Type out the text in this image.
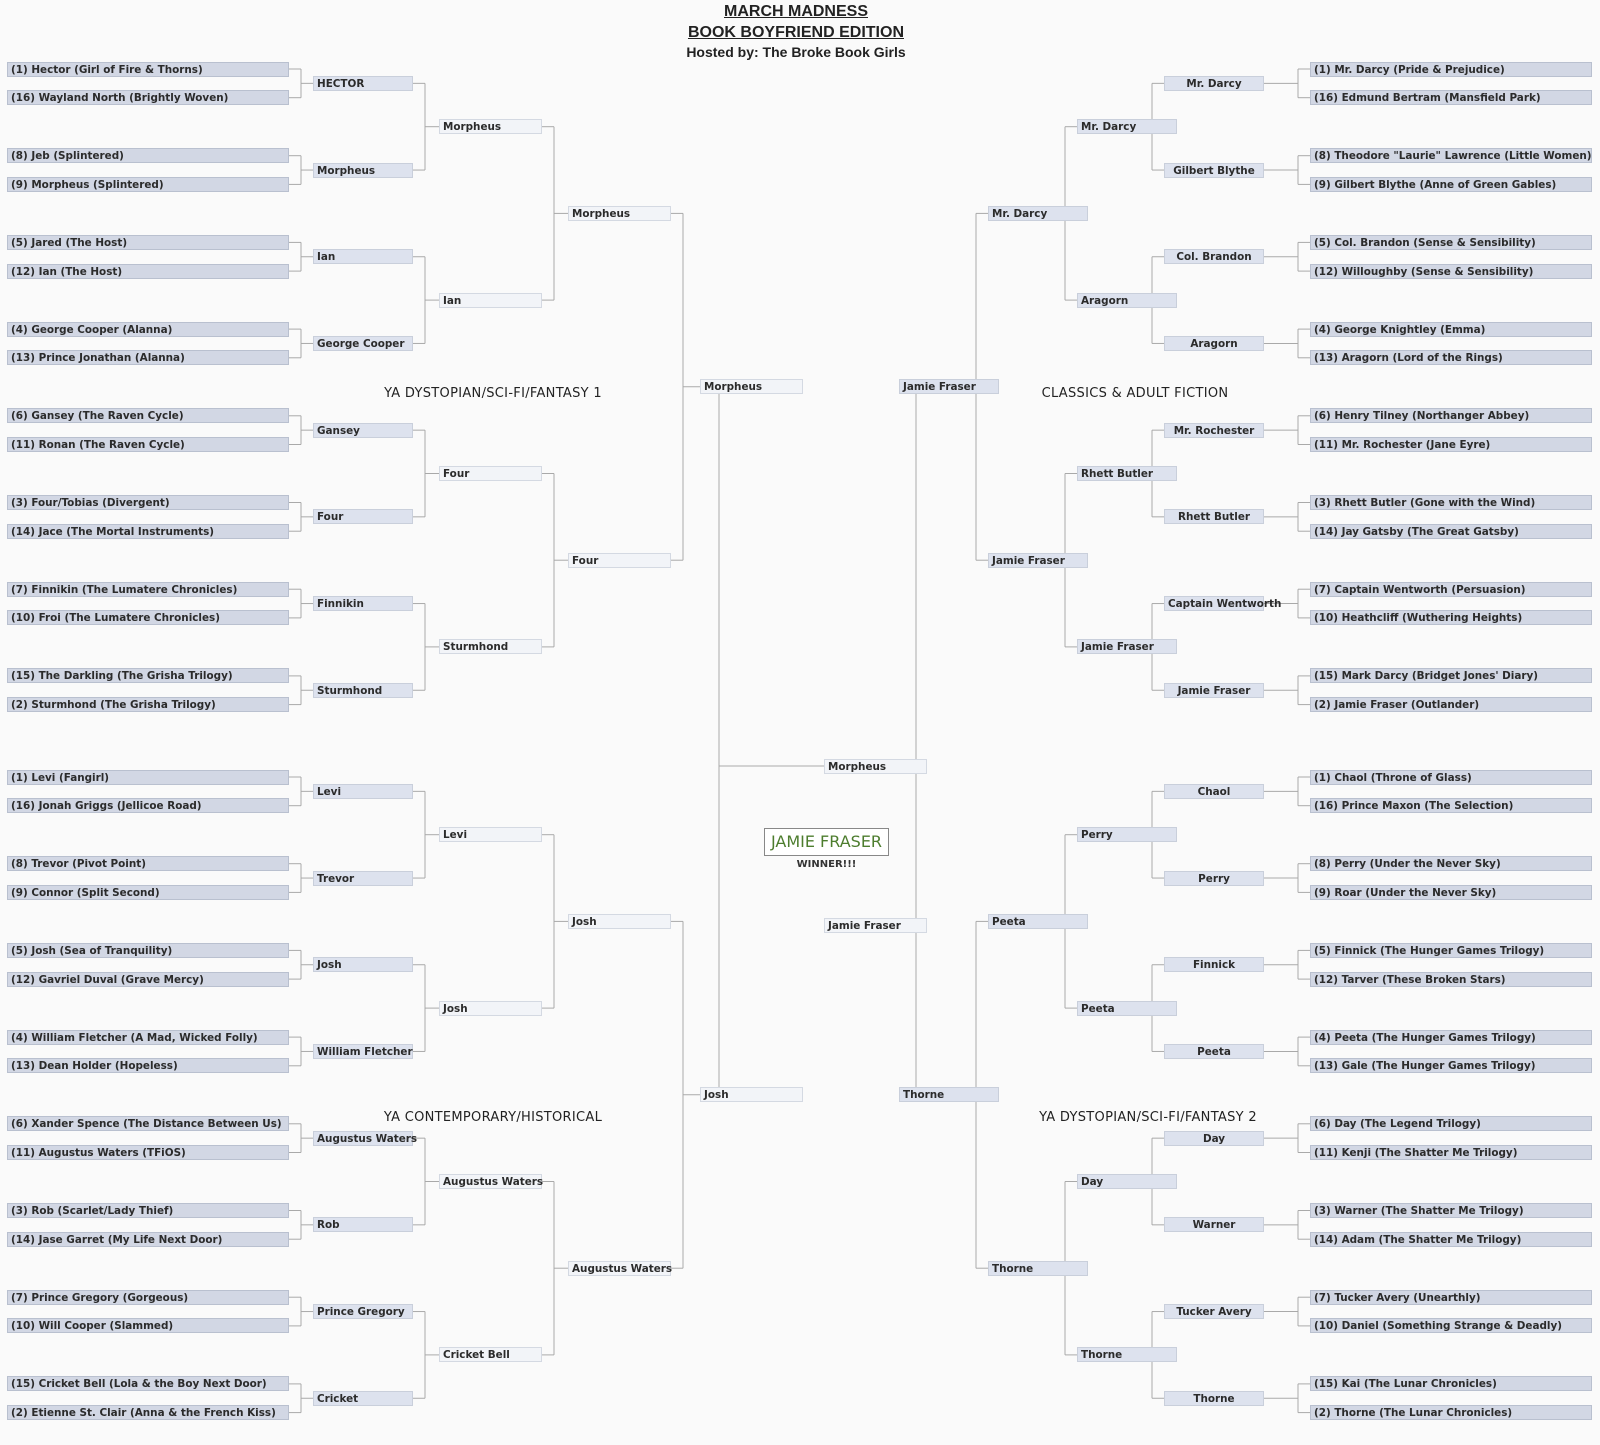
MARCH MADNESS
BOOK BOYFRIEND EDITION
Hosted by: The Broke Book Girls
YA DYSTOPIAN/SCI-FI/FANTASY 1	CLASSICS & ADULT FICTION
YA CONTEMPORARY/HISTORICAL	YA DYSTOPIAN/SCI-FI/FANTASY 2
(1) Hector (Girl of Fire & Thorns)
(16) Wayland North (Brightly Woven)
(8) Jeb (Splintered)
(9) Morpheus (Splintered)
(5) Jared (The Host)
(12) Ian (The Host)
(4) George Cooper (Alanna)
(13) Prince Jonathan (Alanna)
(6) Gansey (The Raven Cycle)
(11) Ronan (The Raven Cycle)
(3) Four/Tobias (Divergent)
(14) Jace (The Mortal Instruments)
(7) Finnikin (The Lumatere Chronicles)
(10) Froi (The Lumatere Chronicles)
(15) The Darkling (The Grisha Trilogy)
(2) Sturmhond (The Grisha Trilogy)
(1) Levi (Fangirl)
(16) Jonah Griggs (Jellicoe Road)
(8) Trevor (Pivot Point)
(9) Connor (Split Second)
(5) Josh (Sea of Tranquility)
(12) Gavriel Duval (Grave Mercy)
(4) William Fletcher (A Mad, Wicked Folly)
(13) Dean Holder (Hopeless)
(6) Xander Spence (The Distance Between Us)
(11) Augustus Waters (TFiOS)
(3) Rob (Scarlet/Lady Thief)
(14) Jase Garret (My Life Next Door)
(7) Prince Gregory (Gorgeous)
(10) Will Cooper (Slammed)
(15) Cricket Bell (Lola & the Boy Next Door)
(2) Etienne St. Clair (Anna & the French Kiss)
HECTOR
Morpheus
Ian
George Cooper
Gansey
Four
Finnikin
Sturmhond
Levi
Trevor
Josh
William Fletcher
Augustus Waters
Rob
Prince Gregory
Cricket
Morpheus
Ian
Four
Sturmhond
Levi
Josh
Augustus Waters
Cricket Bell
Morpheus
Four
Josh
Augustus Waters
Morpheus
Josh
Morpheus
(1) Mr. Darcy (Pride & Prejudice)
(16) Edmund Bertram (Mansfield Park)
(8) Theodore "Laurie" Lawrence (Little Women)
(9) Gilbert Blythe (Anne of Green Gables)
(5) Col. Brandon (Sense & Sensibility)
(12) Willoughby (Sense & Sensibility)
(4) George Knightley (Emma)
(13) Aragorn (Lord of the Rings)
(6) Henry Tilney (Northanger Abbey)
(11) Mr. Rochester (Jane Eyre)
(3) Rhett Butler (Gone with the Wind)
(14) Jay Gatsby (The Great Gatsby)
(7) Captain Wentworth (Persuasion)
(10) Heathcliff (Wuthering Heights)
(15) Mark Darcy (Bridget Jones' Diary)
(2) Jamie Fraser (Outlander)
(1) Chaol (Throne of Glass)
(16) Prince Maxon (The Selection)
(8) Perry (Under the Never Sky)
(9) Roar (Under the Never Sky)
(5) Finnick (The Hunger Games Trilogy)
(12) Tarver (These Broken Stars)
(4) Peeta (The Hunger Games Trilogy)
(13) Gale (The Hunger Games Trilogy)
(6) Day (The Legend Trilogy)
(11) Kenji (The Shatter Me Trilogy)
(3) Warner (The Shatter Me Trilogy)
(14) Adam (The Shatter Me Trilogy)
(7) Tucker Avery (Unearthly)
(10) Daniel (Something Strange & Deadly)
(15) Kai (The Lunar Chronicles)
(2) Thorne (The Lunar Chronicles)
Mr. Darcy
Gilbert Blythe
Col. Brandon
Aragorn
Mr. Rochester
Rhett Butler
Captain Wentworth
Jamie Fraser
Chaol
Perry
Finnick
Peeta
Day
Warner
Tucker Avery
Thorne
Mr. Darcy
Aragorn
Rhett Butler
Jamie Fraser
Perry
Peeta
Day
Thorne
Mr. Darcy
Jamie Fraser
Peeta
Thorne
Jamie Fraser
Thorne
Jamie Fraser
JAMIE FRASER
WINNER!!!
